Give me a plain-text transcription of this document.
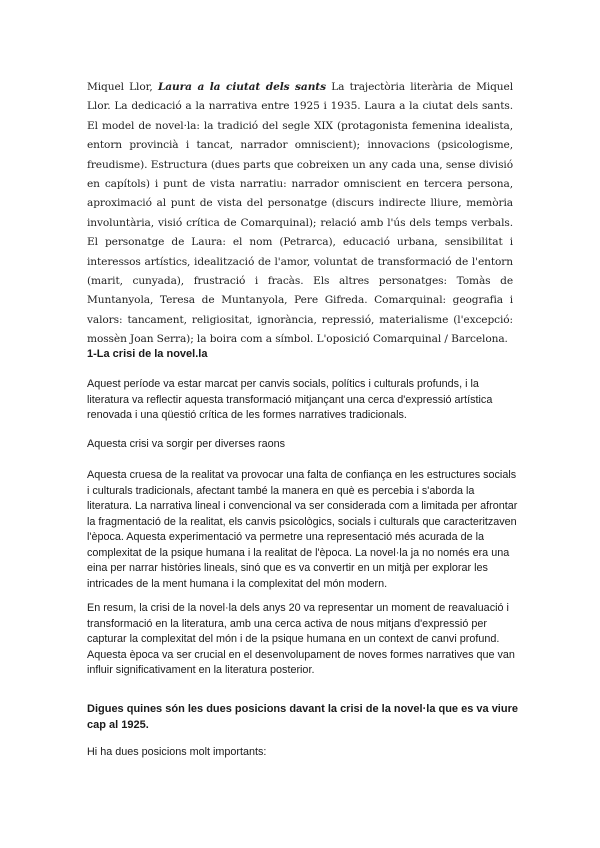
Miquel Llor, Laura a la ciutat dels sants La trajectòria literària de Miquel Llor. La dedicació a la narrativa entre 1925 i 1935. Laura a la ciutat dels sants. El model de novel·la: la tradició del segle XIX (protagonista femenina idealista, entorn provincià i tancat, narrador omniscient); innovacions (psicologisme, freudisme). Estructura (dues parts que cobreixen un any cada una, sense divisió en capítols) i punt de vista narratiu: narrador omniscient en tercera persona, aproximació al punt de vista del personatge (discurs indirecte lliure, memòria involuntària, visió crítica de Comarquinal); relació amb l'ús dels temps verbals. El personatge de Laura: el nom (Petrarca), educació urbana, sensibilitat i interessos artístics, idealització de l'amor, voluntat de transformació de l'entorn (marit, cunyada), frustració i fracàs. Els altres personatges: Tomàs de Muntanyola, Teresa de Muntanyola, Pere Gifreda. Comarquinal: geografia i valors: tancament, religiositat, ignorància, repressió, materialisme (l'excepció: mossèn Joan Serra); la boira com a símbol. L'oposició Comarquinal / Barcelona.

1-La crisi de la novel.la

Aquest període va estar marcat per canvis socials, polítics i culturals profunds, i la literatura va reflectir aquesta transformació mitjançant una cerca d'expressió artística renovada i una qüestió crítica de les formes narratives tradicionals.

Aquesta crisi va sorgir per diverses raons

Aquesta cruesa de la realitat va provocar una falta de confiança en les estructures socials i culturals tradicionals, afectant també la manera en què es percebia i s'aborda la literatura. La narrativa lineal i convencional va ser considerada com a limitada per afrontar la fragmentació de la realitat, els canvis psicològics, socials i culturals que caracteritzaven l'època. Aquesta experimentació va permetre una representació més acurada de la complexitat de la psique humana i la realitat de l'època. La novel·la ja no només era una eina per narrar històries lineals, sinó que es va convertir en un mitjà per explorar les intricades de la ment humana i la complexitat del món modern.

En resum, la crisi de la novel·la dels anys 20 va representar un moment de reavaluació i transformació en la literatura, amb una cerca activa de nous mitjans d'expressió per capturar la complexitat del món i de la psique humana en un context de canvi profund. Aquesta època va ser crucial en el desenvolupament de noves formes narratives que van influir significativament en la literatura posterior.

Digues quines són les dues posicions davant la crisi de la novel·la que es va viure cap al 1925.

Hi ha dues posicions molt importants:
